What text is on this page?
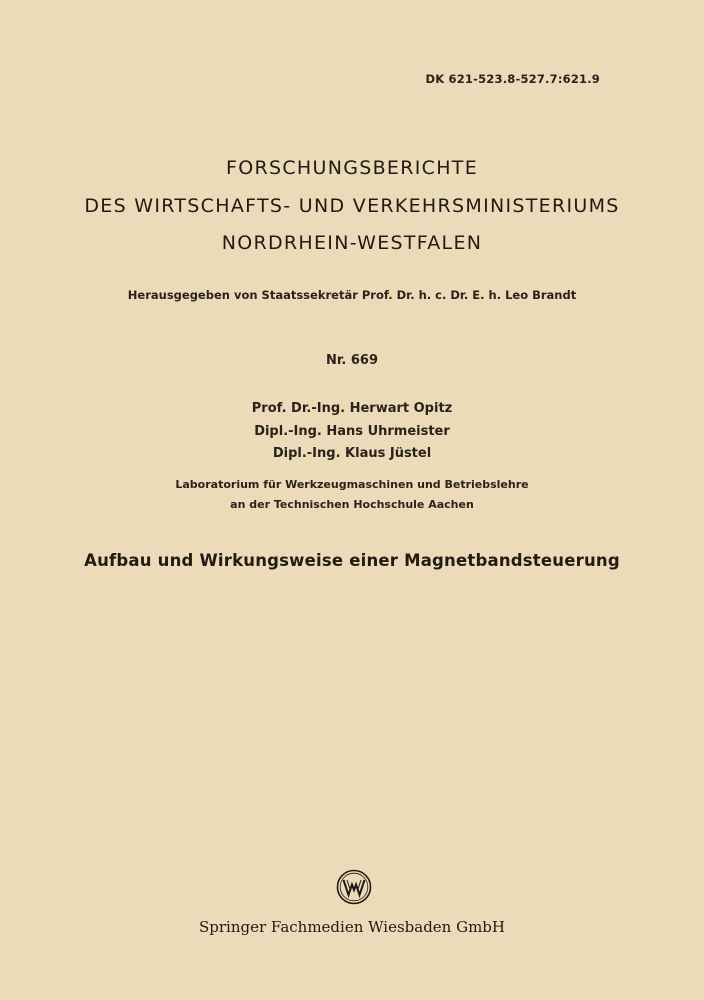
DK 621-523.8-527.7:621.9
FORSCHUNGSBERICHTE
DES WIRTSCHAFTS- UND VERKEHRSMINISTERIUMS
NORDRHEIN-WESTFALEN
Herausgegeben von Staatssekretär Prof. Dr. h. c. Dr. E. h. Leo Brandt
Nr. 669
Prof. Dr.-Ing. Herwart Opitz
Dipl.-Ing. Hans Uhrmeister
Dipl.-Ing. Klaus Jüstel
Laboratorium für Werkzeugmaschinen und Betriebslehre
an der Technischen Hochschule Aachen
Aufbau und Wirkungsweise einer Magnetbandsteuerung
Springer Fachmedien Wiesbaden GmbH
